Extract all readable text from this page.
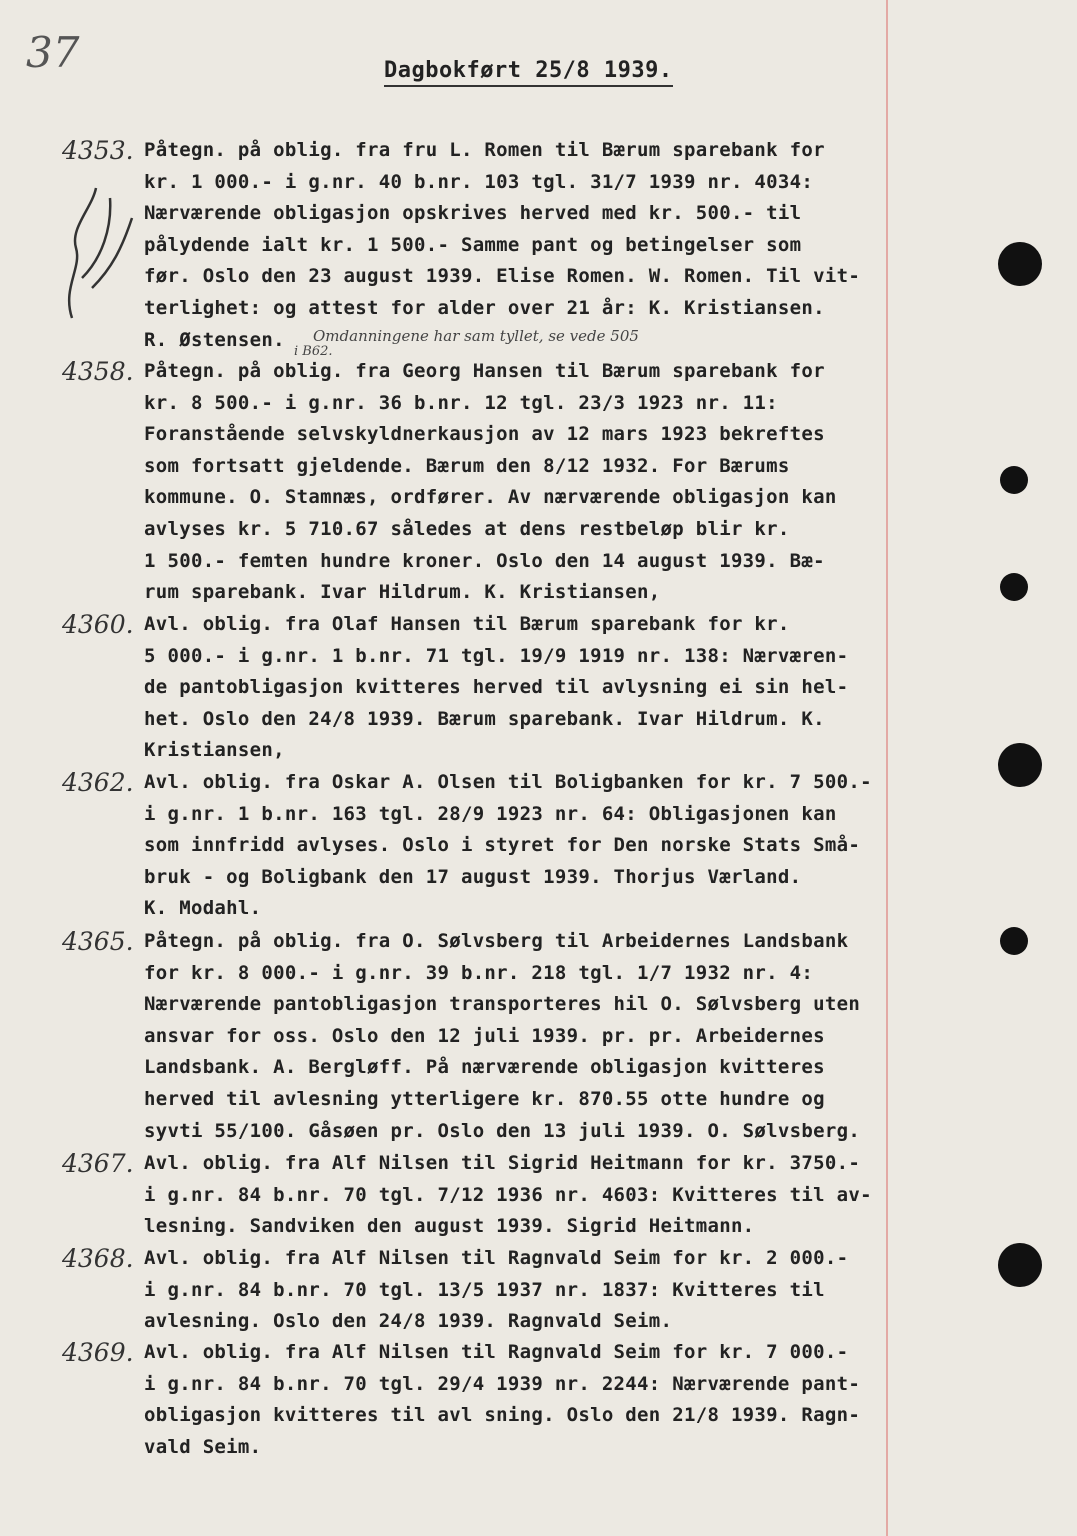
37	Dagbokført 25/8 1939.
4353. Påtegn. på oblig. fra fru L. Romen til Bærum sparebank for
kr. 1 000.- i g.nr. 40 b.nr. 103 tgl. 31/7 1939 nr. 4034:
Nærværende obligasjon opskrives herved med kr. 500.- til
pålydende ialt kr. 1 500.- Samme pant og betingelser som
før. Oslo den 23 august 1939. Elise Romen. W. Romen. Til vit-
terlighet: og attest for alder over 21 år: K. Kristiansen.
R. Østensen. Omdanningene har sam tyllet, se vede 505
i B62.
4358. Påtegn. på oblig. fra Georg Hansen til Bærum sparebank for
kr. 8 500.- i g.nr. 36 b.nr. 12 tgl. 23/3 1923 nr. 11:
Foranstående selvskyldnerkausjon av 12 mars 1923 bekreftes
som fortsatt gjeldende. Bærum den 8/12 1932. For Bærums
kommune. O. Stamnæs, ordfører. Av nærværende obligasjon kan
avlyses kr. 5 710.67 således at dens restbeløp blir kr.
1 500.- femten hundre kroner. Oslo den 14 august 1939. Bæ-
rum sparebank. Ivar Hildrum. K. Kristiansen,
4360. Avl. oblig. fra Olaf Hansen til Bærum sparebank for kr.
5 000.- i g.nr. 1 b.nr. 71 tgl. 19/9 1919 nr. 138: Nærværen-
de pantobligasjon kvitteres herved til avlysning ei sin hel-
het. Oslo den 24/8 1939. Bærum sparebank. Ivar Hildrum. K.
Kristiansen,
4362. Avl. oblig. fra Oskar A. Olsen til Boligbanken for kr. 7 500.-
i g.nr. 1 b.nr. 163 tgl. 28/9 1923 nr. 64: Obligasjonen kan
som innfridd avlyses. Oslo i styret for Den norske Stats Små-
bruk - og Boligbank den 17 august 1939. Thorjus Værland.
K. Modahl.
4365. Påtegn. på oblig. fra O. Sølvsberg til Arbeidernes Landsbank
for kr. 8 000.- i g.nr. 39 b.nr. 218 tgl. 1/7 1932 nr. 4:
Nærværende pantobligasjon transporteres hil O. Sølvsberg uten
ansvar for oss. Oslo den 12 juli 1939. pr. pr. Arbeidernes
Landsbank. A. Bergløff. På nærværende obligasjon kvitteres
herved til avlesning ytterligere kr. 870.55 otte hundre og
syvti 55/100. Gåsøen pr. Oslo den 13 juli 1939. O. Sølvsberg.
4367. Avl. oblig. fra Alf Nilsen til Sigrid Heitmann for kr. 3750.-
i g.nr. 84 b.nr. 70 tgl. 7/12 1936 nr. 4603: Kvitteres til av-
lesning. Sandviken den august 1939. Sigrid Heitmann.
4368. Avl. oblig. fra Alf Nilsen til Ragnvald Seim for kr. 2 000.-
i g.nr. 84 b.nr. 70 tgl. 13/5 1937 nr. 1837: Kvitteres til
avlesning. Oslo den 24/8 1939. Ragnvald Seim.
4369. Avl. oblig. fra Alf Nilsen til Ragnvald Seim for kr. 7 000.-
i g.nr. 84 b.nr. 70 tgl. 29/4 1939 nr. 2244: Nærværende pant-
obligasjon kvitteres til avl sning. Oslo den 21/8 1939. Ragn-
vald Seim.
